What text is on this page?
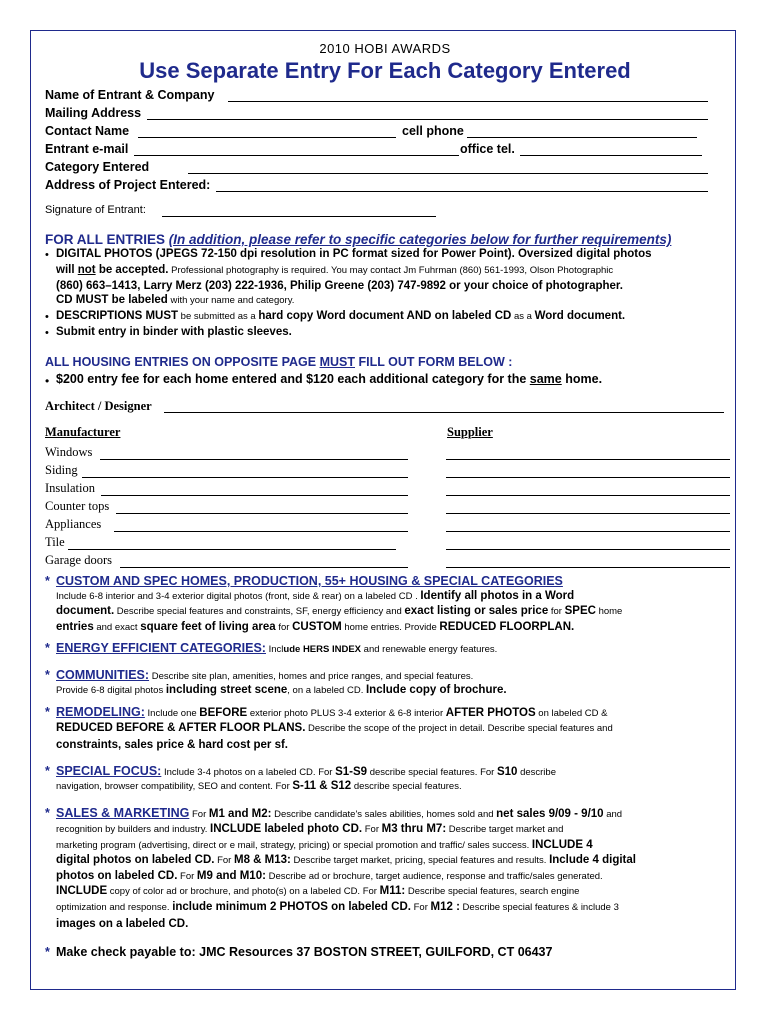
2010 HOBI AWARDS
Use Separate Entry For Each Category Entered
Name of Entrant & Company
Mailing Address
Contact Name	cell phone
Entrant e-mail	office tel.
Category Entered
Address of Project Entered:
Signature of Entrant:
FOR ALL ENTRIES (In addition, please refer to specific categories below for further requirements)
• DIGITAL PHOTOS (JPEGS 72-150 dpi resolution in PC format sized for Power Point). Oversized digital photos
will not be accepted. Professional photography is required. You may contact Jm Fuhrman (860) 561-1993, Olson Photographic
(860) 663–1413, Larry Merz (203) 222-1936, Philip Greene (203) 747-9892 or your choice of photographer.
CD MUST be labeled with your name and category.
• DESCRIPTIONS MUST be submitted as a hard copy Word document AND on labeled CD as a Word document.
• Submit entry in binder with plastic sleeves.
ALL HOUSING ENTRIES ON OPPOSITE PAGE MUST FILL OUT FORM BELOW :
• $200 entry fee for each home entered and $120 each additional category for the same home.
Architect / Designer
Manufacturer	Supplier
Windows
Siding
Insulation
Counter tops
Appliances
Tile
Garage doors
* CUSTOM AND SPEC HOMES, PRODUCTION, 55+ HOUSING & SPECIAL CATEGORIES
Include 6-8 interior and 3-4 exterior digital photos (front, side & rear) on a labeled CD . Identify all photos in a Word
document. Describe special features and constraints, SF, energy efficiency and exact listing or sales price for SPEC home
entries and exact square feet of living area for CUSTOM home entries. Provide REDUCED FLOORPLAN.
* ENERGY EFFICIENT CATEGORIES: Include HERS INDEX and renewable energy features.
* COMMUNITIES: Describe site plan, amenities, homes and price ranges, and special features.
Provide 6-8 digital photos including street scene, on a labeled CD. Include copy of brochure.
* REMODELING: Include one BEFORE exterior photo PLUS 3-4 exterior & 6-8 interior AFTER PHOTOS on labeled CD &
REDUCED BEFORE & AFTER FLOOR PLANS. Describe the scope of the project in detail. Describe special features and
constraints, sales price & hard cost per sf.
* SPECIAL FOCUS: Include 3-4 photos on a labeled CD. For S1-S9 describe special features. For S10 describe
navigation, browser compatibility, SEO and content. For S-11 & S12 describe special features.
* SALES & MARKETING For M1 and M2: Describe candidate's sales abilities, homes sold and net sales 9/09 - 9/10 and
recognition by builders and industry. INCLUDE labeled photo CD. For M3 thru M7: Describe target market and
marketing program (advertising, direct or e mail, strategy, pricing) or special promotion and traffic/ sales success. INCLUDE 4
digital photos on labeled CD. For M8 & M13: Describe target market, pricing, special features and results. Include 4 digital
photos on labeled CD. For M9 and M10: Describe ad or brochure, target audience, response and traffic/sales generated.
INCLUDE copy of color ad or brochure, and photo(s) on a labeled CD. For M11: Describe special features, search engine
optimization and response. include minimum 2 PHOTOS on labeled CD. For M12 : Describe special features & include 3
images on a labeled CD.
* Make check payable to: JMC Resources 37 BOSTON STREET, GUILFORD, CT 06437
